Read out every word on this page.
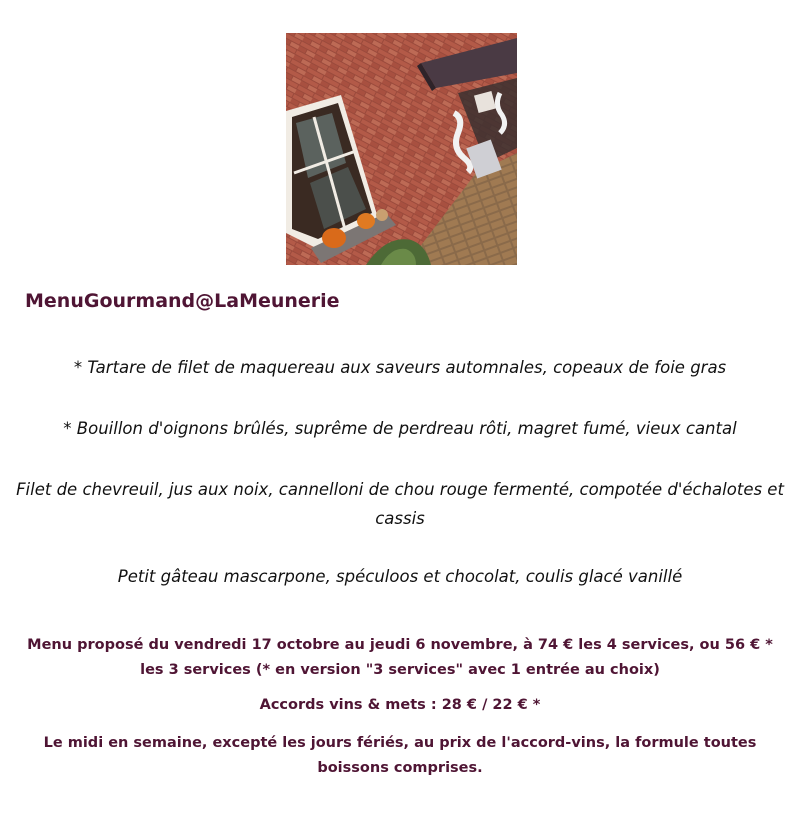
MenuGourmand@LaMeunerie

* Tartare de filet de maquereau aux saveurs automnales, copeaux de foie gras

* Bouillon d'oignons brûlés, suprême de perdreau rôti, magret fumé, vieux cantal

Filet de chevreuil, jus aux noix, cannelloni de chou rouge fermenté, compotée d'échalotes et cassis

Petit gâteau mascarpone, spéculoos et chocolat, coulis glacé vanillé

Menu proposé du vendredi 17 octobre au jeudi 6 novembre, à 74 € les 4 services, ou 56 € * les 3 services (* en version "3 services" avec 1 entrée au choix)

Accords vins & mets : 28 € / 22 € *

Le midi en semaine, excepté les jours fériés, au prix de l'accord-vins, la formule toutes boissons comprises.
